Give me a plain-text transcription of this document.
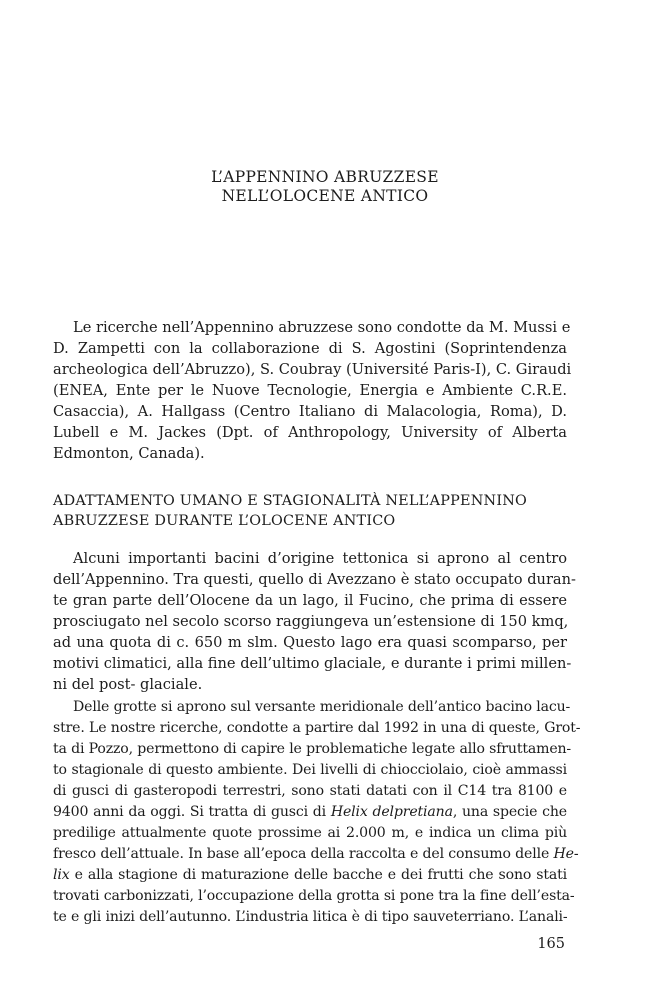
L’APPENNINO ABRUZZESE
NELL’OLOCENE ANTICO
Le ricerche nell’Appennino abruzzese sono condotte da M. Mussi e
D. Zampetti con la collaborazione di S. Agostini (Soprintendenza
archeologica dell’Abruzzo), S. Coubray (Université Paris-I), C. Giraudi
(ENEA, Ente per le Nuove Tecnologie, Energia e Ambiente C.R.E.
Casaccia), A. Hallgass (Centro Italiano di Malacologia, Roma), D.
Lubell e M. Jackes (Dpt. of Anthropology, University of Alberta
Edmonton, Canada).
ADATTAMENTO UMANO E STAGIONALITÀ NELL’APPENNINO
ABRUZZESE DURANTE L’OLOCENE ANTICO
Alcuni importanti bacini d’origine tettonica si aprono al centro
dell’Appennino. Tra questi, quello di Avezzano è stato occupato duran-
te gran parte dell’Olocene da un lago, il Fucino, che prima di essere
prosciugato nel secolo scorso raggiungeva un’estensione di 150 kmq,
ad una quota di c. 650 m slm. Questo lago era quasi scomparso, per
motivi climatici, alla fine dell’ultimo glaciale, e durante i primi millen-
ni del post- glaciale.
Delle grotte si aprono sul versante meridionale dell’antico bacino lacu-
stre. Le nostre ricerche, condotte a partire dal 1992 in una di queste, Grot-
ta di Pozzo, permettono di capire le problematiche legate allo sfruttamen-
to stagionale di questo ambiente. Dei livelli di chiocciolaio, cioè ammassi
di gusci di gasteropodi terrestri, sono stati datati con il C14 tra 8100 e
9400 anni da oggi. Si tratta di gusci di Helix delpretiana, una specie che
predilige attualmente quote prossime ai 2.000 m, e indica un clima più
fresco dell’attuale. In base all’epoca della raccolta e del consumo delle He-
lix e alla stagione di maturazione delle bacche e dei frutti che sono stati
trovati carbonizzati, l’occupazione della grotta si pone tra la fine dell’esta-
te e gli inizi dell’autunno. L’industria litica è di tipo sauveterriano. L’anali-
165
